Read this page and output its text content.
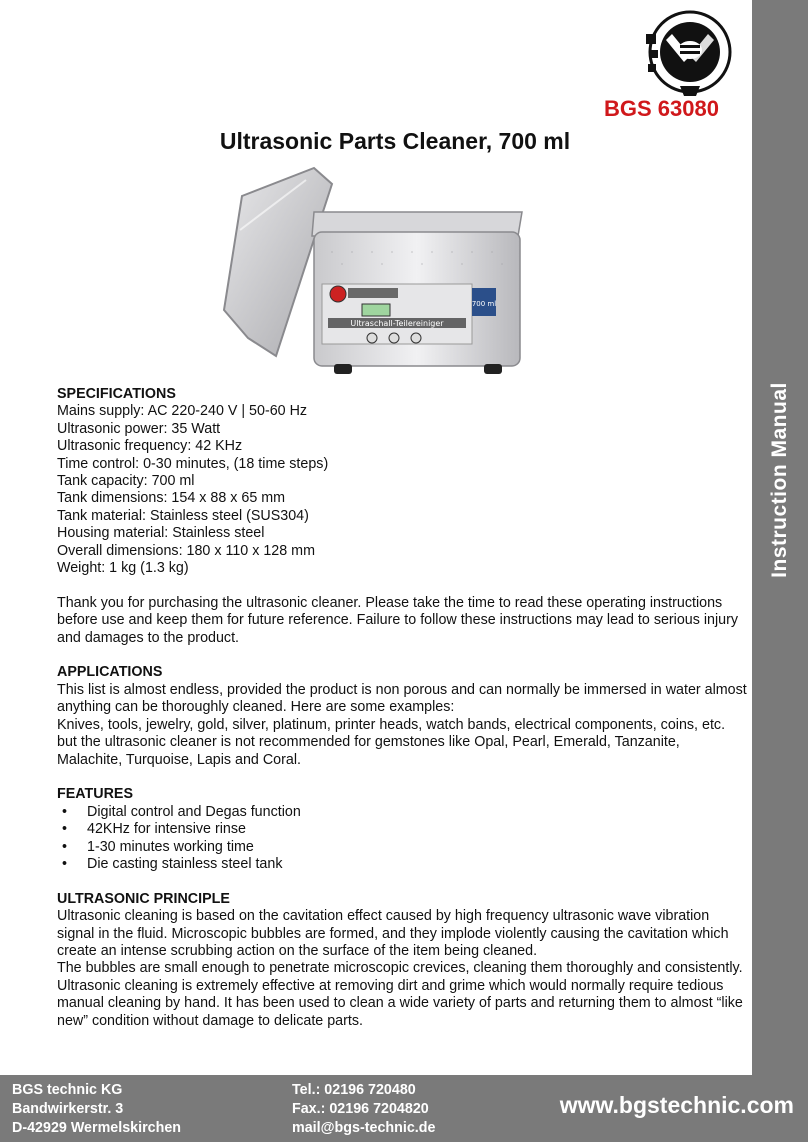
Instruction Manual
BGS 63080
Ultrasonic Parts Cleaner, 700 ml
Ultraschall-Teilereiniger
700 ml
SPECIFICATIONS

Mains supply: AC 220-240 V | 50-60 Hz

Ultrasonic power: 35 Watt

Ultrasonic frequency: 42 KHz

Time control: 0-30 minutes, (18 time steps)

Tank capacity: 700 ml

Tank dimensions: 154 x 88 x 65 mm

Tank material: Stainless steel (SUS304)

Housing material: Stainless steel

Overall dimensions: 180 x 110 x 128 mm

Weight: 1 kg (1.3 kg)

Thank you for purchasing the ultrasonic cleaner. Please take the time to read these operating instructions before use and keep them for future reference. Failure to follow these instructions may lead to serious injury and damages to the product.

APPLICATIONS

This list is almost endless, provided the product is non porous and can normally be immersed in water almost anything can be thoroughly cleaned. Here are some examples:

Knives, tools, jewelry, gold, silver, platinum, printer heads, watch bands, electrical components, coins, etc. but the ultrasonic cleaner is not recommended for gemstones like Opal, Pearl, Emerald, Tanzanite, Malachite, Turquoise, Lapis and Coral.

FEATURES
• Digital control and Degas function
• 42KHz for intensive rinse
• 1-30 minutes working time
• Die casting stainless steel tank
ULTRASONIC PRINCIPLE

Ultrasonic cleaning is based on the cavitation effect caused by high frequency ultrasonic wave vibration signal in the fluid. Microscopic bubbles are formed, and they implode violently causing the cavitation which create an intense scrubbing action on the surface of the item being cleaned.

The bubbles are small enough to penetrate microscopic crevices, cleaning them thoroughly and consistently. Ultrasonic cleaning is extremely effective at removing dirt and grime which would normally require tedious manual cleaning by hand. It has been used to clean a wide variety of parts and returning them to almost “like new” condition without damage to delicate parts.

BGS technic KG
Bandwirkerstr. 3
D-42929 Wermelskirchen
Tel.: 02196 720480
Fax.: 02196 7204820
mail@bgs-technic.de
www.bgstechnic.com
